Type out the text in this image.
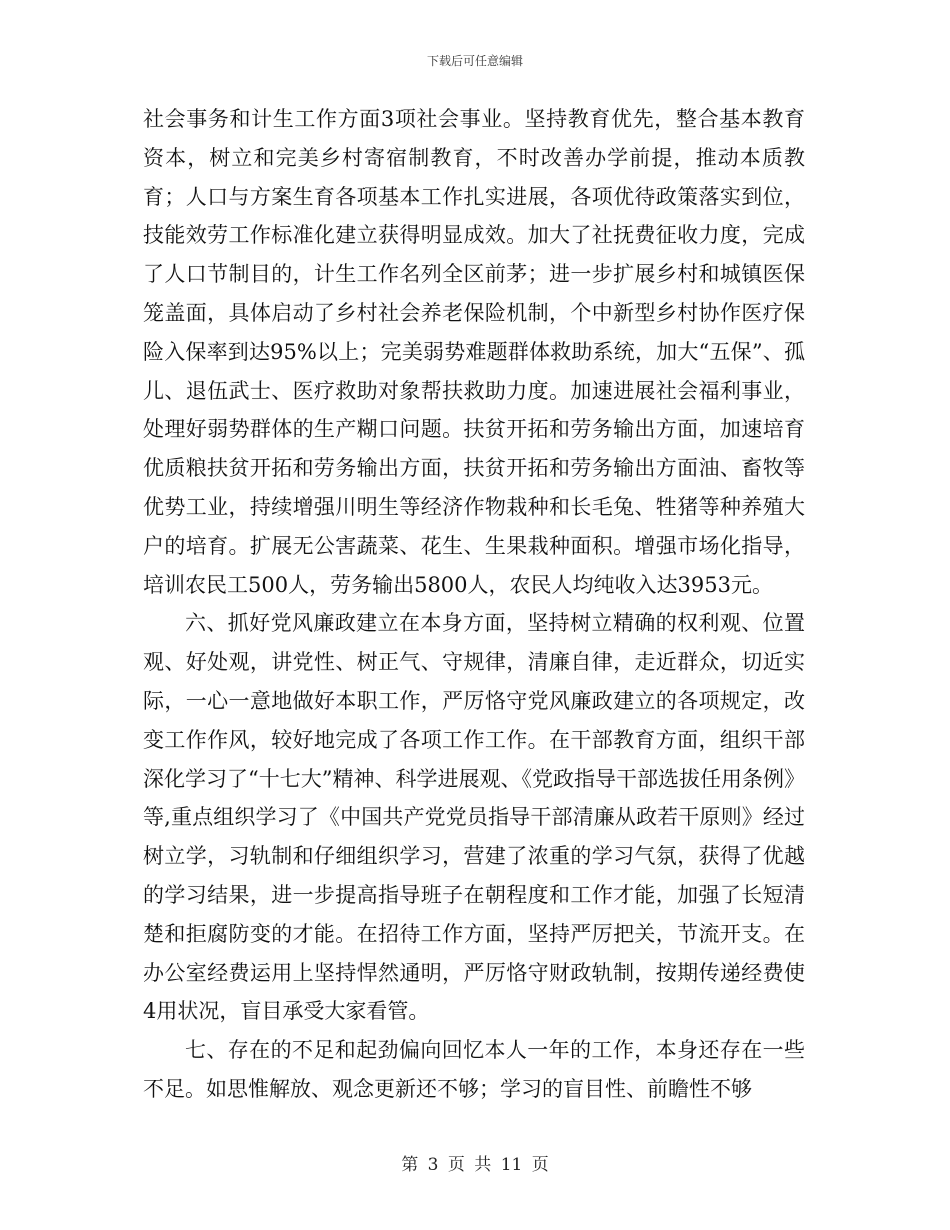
下载后可任意编辑

社会事务和计生工作方面3项社会事业。坚持教育优先，整合基本教育资本，树立和完美乡村寄宿制教育，不时改善办学前提，推动本质教育；人口与方案生育各项基本工作扎实进展，各项优待政策落实到位，技能效劳工作标准化建立获得明显成效。加大了社抚费征收力度，完成了人口节制目的，计生工作名列全区前茅；进一步扩展乡村和城镇医保笼盖面，具体启动了乡村社会养老保险机制，个中新型乡村协作医疗保险入保率到达95%以上；完美弱势难题群体救助系统，加大“五保”、孤儿、退伍武士、医疗救助对象帮扶救助力度。加速进展社会福利事业，处理好弱势群体的生产糊口问题。扶贫开拓和劳务输出方面，加速培育优质粮扶贫开拓和劳务输出方面，扶贫开拓和劳务输出方面油、畜牧等优势工业，持续增强川明生等经济作物栽种和长毛兔、牲猪等种养殖大户的培育。扩展无公害蔬菜、花生、生果栽种面积。增强市场化指导，培训农民工500人，劳务输出5800人，农民人均纯收入达3953元。

六、抓好党风廉政建立在本身方面，坚持树立精确的权利观、位置观、好处观，讲党性、树正气、守规律，清廉自律，走近群众，切近实际，一心一意地做好本职工作，严厉恪守党风廉政建立的各项规定，改变工作作风，较好地完成了各项工作工作。在干部教育方面，组织干部深化学习了“十七大”精神、科学进展观、《党政指导干部选拔任用条例》等,重点组织学习了《中国共产党党员指导干部清廉从政若干原则》经过树立学，习轨制和仔细组织学习，营建了浓重的学习气氛，获得了优越的学习结果，进一步提高指导班子在朝程度和工作才能，加强了长短清楚和拒腐防变的才能。在招待工作方面，坚持严厉把关，节流开支。在办公室经费运用上坚持悍然通明，严厉恪守财政轨制，按期传递经费使4用状况，盲目承受大家看管。

七、存在的不足和起劲偏向回忆本人一年的工作，本身还存在一些不足。如思惟解放、观念更新还不够；学习的盲目性、前瞻性不够

第 3 页 共 11 页
